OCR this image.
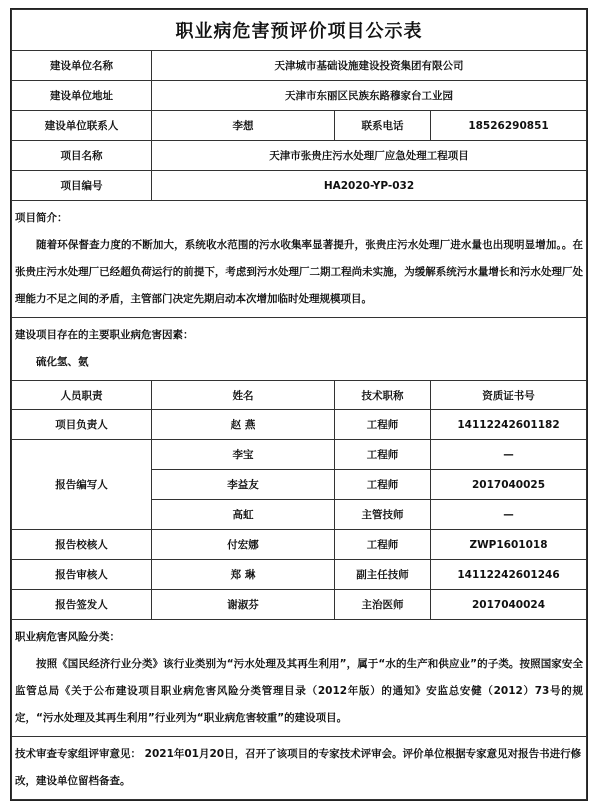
职业病危害预评价项目公示表			
建设单位名称	天津城市基础设施建设投资集团有限公司		
建设单位地址	天津市东丽区民族东路穆家台工业园		
建设单位联系人	李想	联系电话	18526290851
项目名称	天津市张贵庄污水处理厂应急处理工程项目		
项目编号	HA2020-YP-032		

项目简介：
随着环保督查力度的不断加大，系统收水范围的污水收集率显著提升，张贵庄污水处理厂进水量也出现明显增加。。在张贵庄污水处理厂已经超负荷运行的前提下，考虑到污水处理厂二期工程尚未实施，为缓解系统污水量增长和污水处理厂处理能力不足之间的矛盾，主管部门决定先期启动本次增加临时处理规模项目。			

建设项目存在的主要职业病危害因素：
硫化氢、氨			

人员职责	姓名	技术职称	资质证书号
项目负责人	赵 燕	工程师	14112242601182
报告编写人	李宝	工程师	—
	李益友	工程师	2017040025
	高虹	主管技师	—
报告校核人	付宏娜	工程师	ZWP1601018
报告审核人	郑 琳	副主任技师	14112242601246
报告签发人	谢淑芬	主治医师	2017040024

职业病危害风险分类：
按照《国民经济行业分类》该行业类别为“污水处理及其再生利用”，属于“水的生产和供应业”的子类。按照国家安全监管总局《关于公布建设项目职业病危害风险分类管理目录（2012年版）的通知》安监总安健（2012）73号的规定，“污水处理及其再生利用”行业列为“职业病危害较重”的建设项目。			

技术审查专家组评审意见： 2021年01月20日，召开了该项目的专家技术评审会。评价单位根据专家意见对报告书进行修改，建设单位留档备查。			
